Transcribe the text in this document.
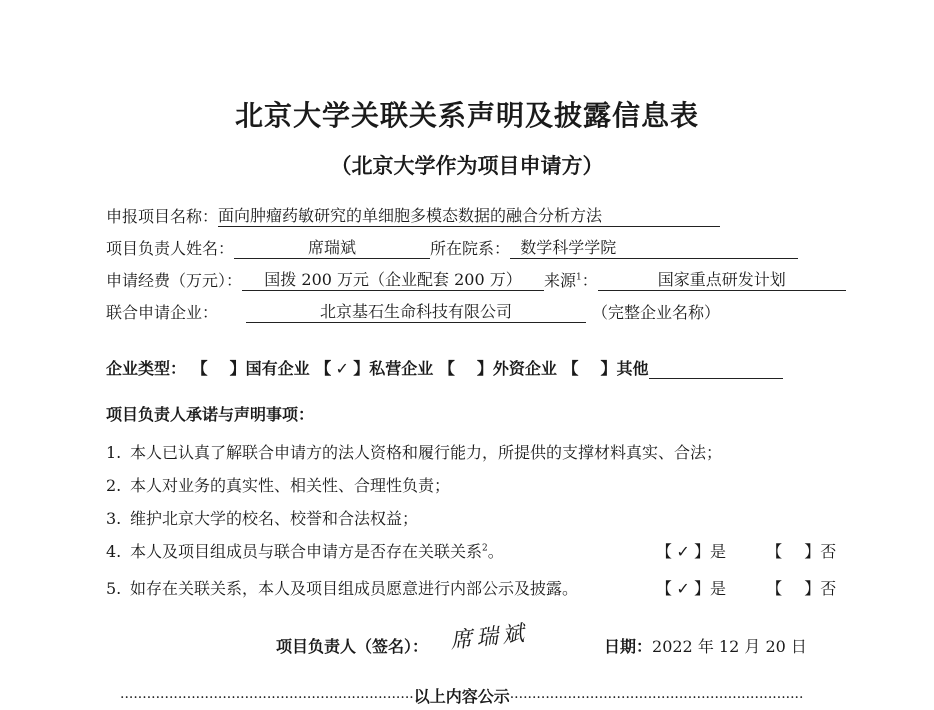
北京大学关联关系声明及披露信息表
（北京大学作为项目申请方）
申报项目名称：面向肿瘤药敏研究的单细胞多模态数据的融合分析方法
项目负责人姓名：	席瑞斌	所在院系： 数学科学学院
申请经费（万元）： 国拨 200 万元（企业配套 200 万） 来源$^1$：	国家重点研发计划
联合申请企业：	北京基石生命科技有限公司	（完整企业名称）
企业类型： 【 】国有企业 【 ✓ 】私营企业 【 】外资企业 【 】其他
项目负责人承诺与声明事项：
1. 本人已认真了解联合申请方的法人资格和履行能力，所提供的支撑材料真实、合法；
2. 本人对业务的真实性、相关性、合理性负责；
3. 维护北京大学的校名、校誉和合法权益；
4. 本人及项目组成员与联合申请方是否存在关联关系$^2$。	【 ✓ 】是	【 】否
5. 如存在关联关系，本人及项目组成员愿意进行内部公示及披露。	【 ✓ 】是	【 】否
项目负责人（签名）： 席瑞斌	日期：2022 年 12 月 20 日
··································································以上内容公示··································································
